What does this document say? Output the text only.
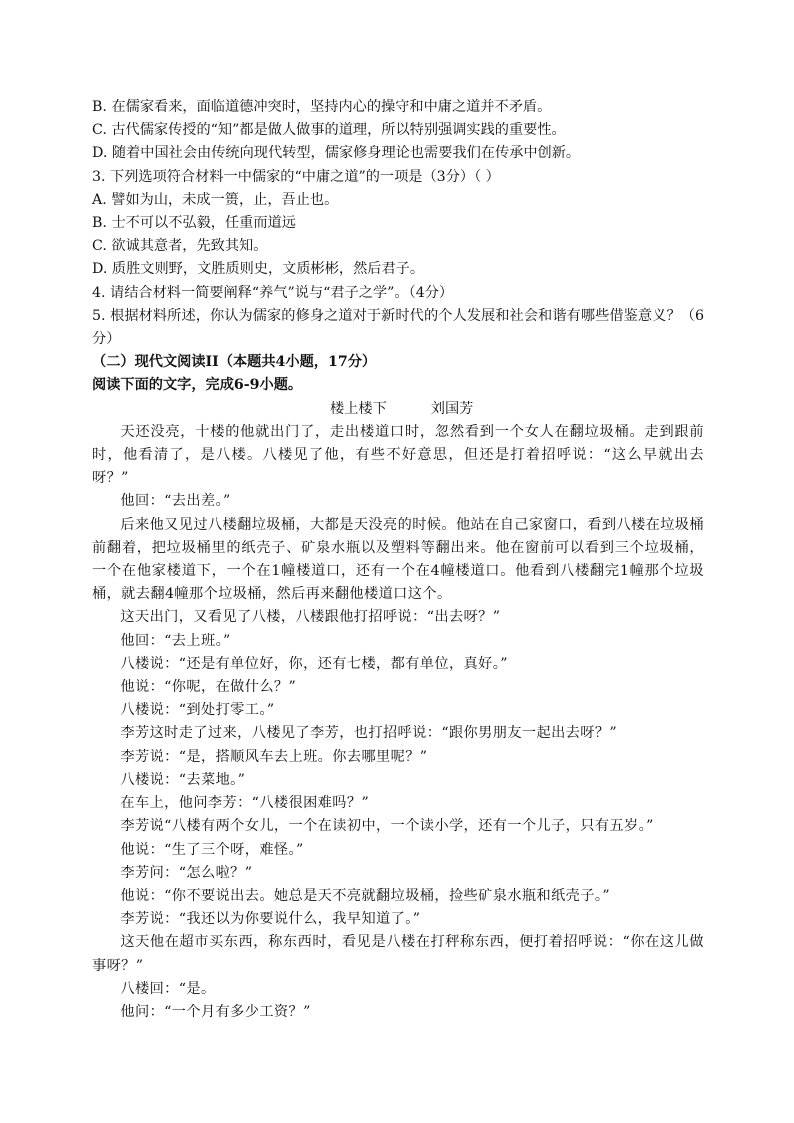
B. 在儒家看来，面临道德冲突时，坚持内心的操守和中庸之道并不矛盾。

C. 古代儒家传授的“知”都是做人做事的道理，所以特别强调实践的重要性。

D. 随着中国社会由传统向现代转型，儒家修身理论也需要我们在传承中创新。

3. 下列选项符合材料一中儒家的“中庸之道”的一项是（3分）（ ）

A. 譬如为山，未成一篑，止，吾止也。

B. 士不可以不弘毅，任重而道远

C. 欲诚其意者，先致其知。

D. 质胜文则野，文胜质则史，文质彬彬，然后君子。

4. 请结合材料一简要阐释“养气”说与“君子之学”。（4分）

5. 根据材料所述，你认为儒家的修身之道对于新时代的个人发展和社会和谐有哪些借鉴意义？（6分）

（二）现代文阅读II（本题共4小题，17分）

阅读下面的文字，完成6-9小题。

楼上楼下	刘国芳

天还没亮，十楼的他就出门了，走出楼道口时，忽然看到一个女人在翻垃圾桶。走到跟前时，他看清了，是八楼。八楼见了他，有些不好意思，但还是打着招呼说：“这么早就出去呀？”

他回：“去出差。”

后来他又见过八楼翻垃圾桶，大都是天没亮的时候。他站在自己家窗口，看到八楼在垃圾桶前翻着，把垃圾桶里的纸壳子、矿泉水瓶以及塑料等翻出来。他在窗前可以看到三个垃圾桶，一个在他家楼道下，一个在1幢楼道口，还有一个在4幢楼道口。他看到八楼翻完1幢那个垃圾桶，就去翻4幢那个垃圾桶，然后再来翻他楼道口这个。

这天出门，又看见了八楼，八楼跟他打招呼说：“出去呀？”

他回：“去上班。”

八楼说：“还是有单位好，你，还有七楼，都有单位，真好。”

他说：“你呢，在做什么？”

八楼说：“到处打零工。”

李芳这时走了过来，八楼见了李芳，也打招呼说：“跟你男朋友一起出去呀？”

李芳说：“是，搭顺风车去上班。你去哪里呢？”

八楼说：“去菜地。”

在车上，他问李芳：“八楼很困难吗？”

李芳说“八楼有两个女儿，一个在读初中，一个读小学，还有一个儿子，只有五岁。”

他说：“生了三个呀，难怪。”

李芳问：“怎么啦？”

他说：“你不要说出去。她总是天不亮就翻垃圾桶，捡些矿泉水瓶和纸壳子。”

李芳说：“我还以为你要说什么，我早知道了。”

这天他在超市买东西，称东西时，看见是八楼在打秤称东西，便打着招呼说：“你在这儿做事呀？”

八楼回：“是。

他问：“一个月有多少工资？”
